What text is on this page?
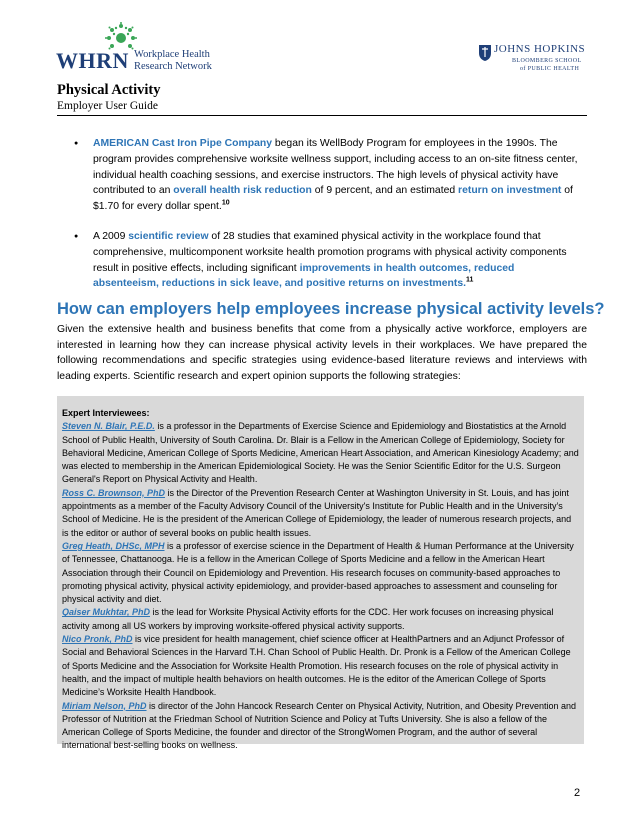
WHRN Workplace Health
Research Network
JOHNS HOPKINS
BLOOMBERG SCHOOL
of PUBLIC HEALTH
Physical Activity
Employer User Guide
● AMERICAN Cast Iron Pipe Company began its WellBody Program for employees in the 1990s. The program provides comprehensive worksite wellness support, including access to an on-site fitness center, individual health coaching sessions, and exercise instructors. The high levels of physical activity have contributed to an overall health risk reduction of 9 percent, and an estimated return on investment of $1.70 for every dollar spent.$^{10}$
● A 2009 scientific review of 28 studies that examined physical activity in the workplace found that comprehensive, multicomponent worksite health promotion programs with physical activity components result in positive effects, including significant improvements in health outcomes, reduced absenteeism, reductions in sick leave, and positive returns on investments.$^{11}$
How can employers help employees increase physical activity levels?

Given the extensive health and business benefits that come from a physically active workforce, employers are interested in learning how they can increase physical activity levels in their workplaces. We have prepared the following recommendations and specific strategies using evidence-based literature reviews and interviews with leading experts. Scientific research and expert opinion supports the following strategies:

Expert Interviewees:

Steven N. Blair, P.E.D. is a professor in the Departments of Exercise Science and Epidemiology and Biostatistics at the Arnold School of Public Health, University of South Carolina. Dr. Blair is a Fellow in the American College of Epidemiology, Society for Behavioral Medicine, American College of Sports Medicine, American Heart Association, and American Kinesiology Academy; and was elected to membership in the American Epidemiological Society. He was the Senior Scientific Editor for the U.S. Surgeon General's Report on Physical Activity and Health.

Ross C. Brownson, PhD is the Director of the Prevention Research Center at Washington University in St. Louis, and has joint appointments as a member of the Faculty Advisory Council of the University's Institute for Public Health and in the University’s School of Medicine. He is the president of the American College of Epidemiology, the leader of numerous research projects, and is the editor or author of several books on public health issues.

Greg Heath, DHSc, MPH is a professor of exercise science in the Department of Health & Human Performance at the University of Tennessee, Chattanooga. He is a fellow in the American College of Sports Medicine and a fellow in the American Heart Association through their Council on Epidemiology and Prevention. His research focuses on community-based approaches to promoting physical activity, physical activity epidemiology, and provider-based approaches to assessment and counseling for physical activity and diet.

Qaiser Mukhtar, PhD is the lead for Worksite Physical Activity efforts for the CDC. Her work focuses on increasing physical activity among all US workers by improving worksite-offered physical activity supports.

Nico Pronk, PhD is vice president for health management, chief science officer at HealthPartners and an Adjunct Professor of Social and Behavioral Sciences in the Harvard T.H. Chan School of Public Health. Dr. Pronk is a Fellow of the American College of Sports Medicine and the Association for Worksite Health Promotion. His research focuses on the role of physical activity in health, and the impact of multiple health behaviors on health outcomes. He is the editor of the American College of Sports Medicine’s Worksite Health Handbook.

Miriam Nelson, PhD is director of the John Hancock Research Center on Physical Activity, Nutrition, and Obesity Prevention and Professor of Nutrition at the Friedman School of Nutrition Science and Policy at Tufts University. She is also a fellow of the American College of Sports Medicine, the founder and director of the StrongWomen Program, and the author of several international best-selling books on wellness.

2
